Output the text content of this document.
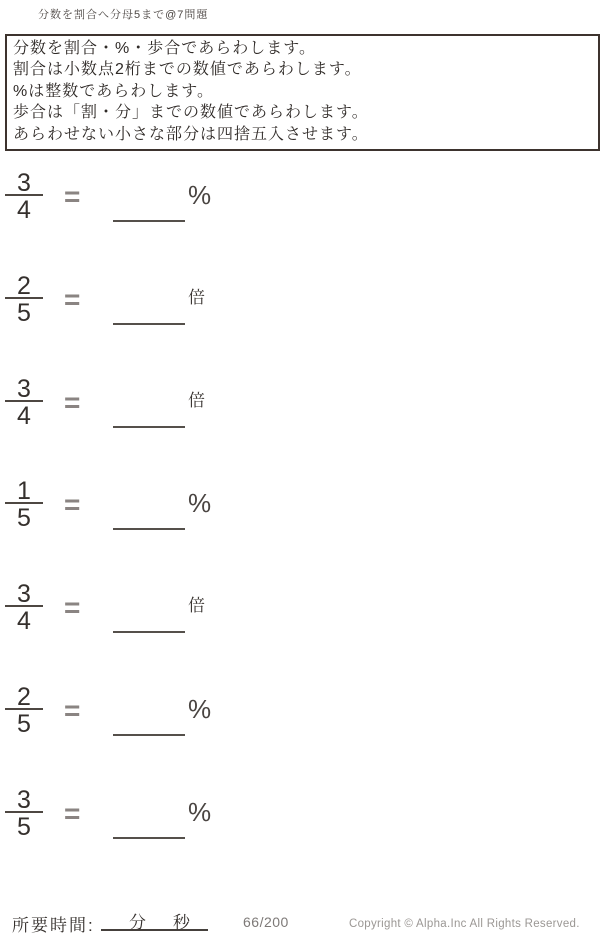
分数を割合へ分母5まで@7問題
分数を割合・%・歩合であらわします。
割合は小数点2桁までの数値であらわします。
%は整数であらわします。
歩合は「割・分」までの数値であらわします。
あらわせない小さな部分は四捨五入させます。
3
4	=	%
2
5	=	倍
3
4	=	倍
1
5	=	%
3
4	=	倍
2
5	=	%
3
5	=	%
所要時間: 分 秒	66/200	Copyright © Alpha.Inc All Rights Reserved.
